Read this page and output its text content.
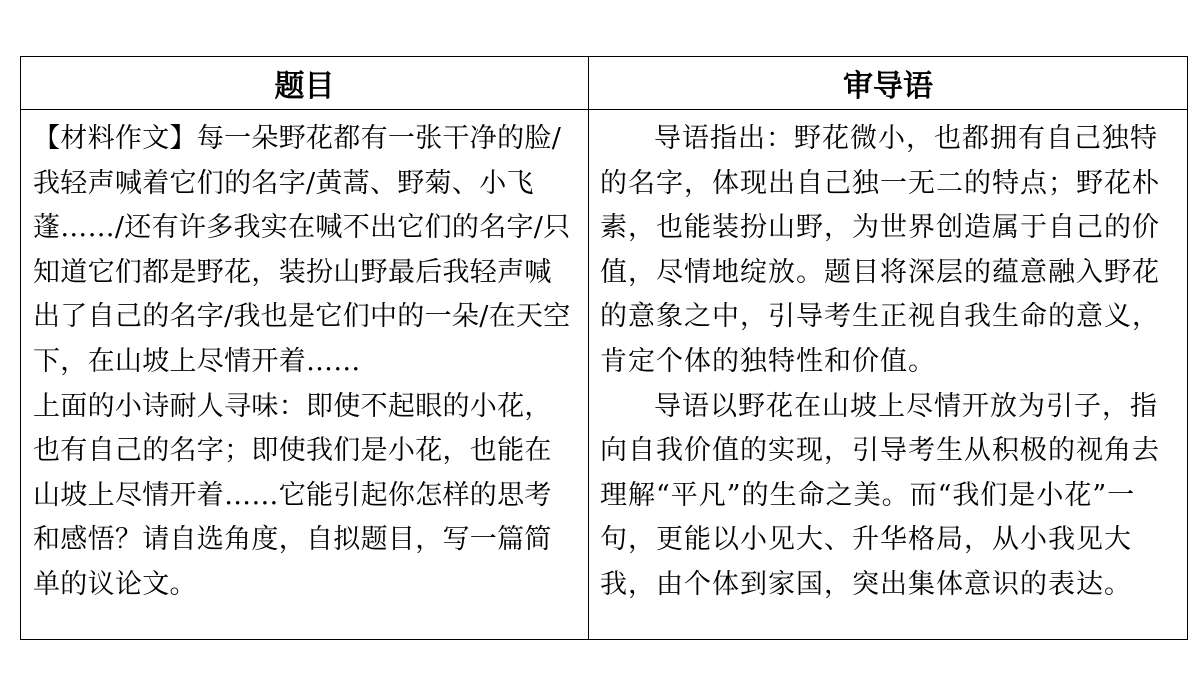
题目	审导语

【材料作文】每一朵野花都有一张干净的脸/我轻声喊着它们的名字/黄蒿、野菊、小飞蓬……/还有许多我实在喊不出它们的名字/只知道它们都是野花，装扮山野最后我轻声喊出了自己的名字/我也是它们中的一朵/在天空下，在山坡上尽情开着……

上面的小诗耐人寻味：即使不起眼的小花，也有自己的名字；即使我们是小花，也能在山坡上尽情开着……它能引起你怎样的思考和感悟？请自选角度，自拟题目，写一篇简单的议论文。

导语指出：野花微小，也都拥有自己独特的名字，体现出自己独一无二的特点；野花朴素，也能装扮山野，为世界创造属于自己的价值，尽情地绽放。题目将深层的蕴意融入野花的意象之中，引导考生正视自我生命的意义，肯定个体的独特性和价值。

导语以野花在山坡上尽情开放为引子，指向自我价值的实现，引导考生从积极的视角去理解“平凡”的生命之美。而“我们是小花”一句，更能以小见大、升华格局，从小我见大我，由个体到家国，突出集体意识的表达。
